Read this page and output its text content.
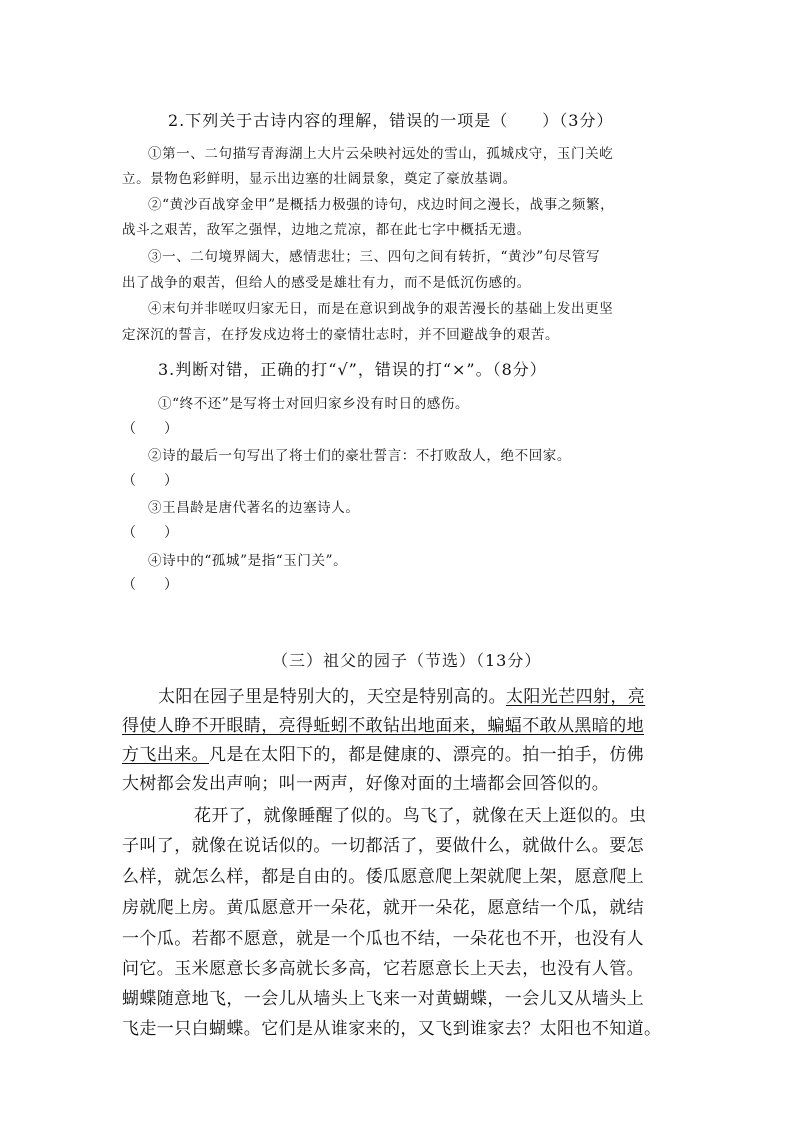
2.下列关于古诗内容的理解，错误的一项是（　　）（3分）
①第一、二句描写青海湖上大片云朵映衬远处的雪山，孤城戍守，玉门关屹
立。景物色彩鲜明，显示出边塞的壮阔景象，奠定了豪放基调。
②“黄沙百战穿金甲”是概括力极强的诗句，戍边时间之漫长，战事之频繁，
战斗之艰苦，敌军之强悍，边地之荒凉，都在此七字中概括无遗。
③一、二句境界阔大，感情悲壮；三、四句之间有转折，“黄沙”句尽管写
出了战争的艰苦，但给人的感受是雄壮有力，而不是低沉伤感的。
④末句并非嗟叹归家无日，而是在意识到战争的艰苦漫长的基础上发出更坚
定深沉的誓言，在抒发戍边将士的豪情壮志时，并不回避战争的艰苦。
3.判断对错，正确的打“√”，错误的打“×”。（8分）
①“终不还”是写将士对回归家乡没有时日的感伤。
（　　）
②诗的最后一句写出了将士们的豪壮誓言：不打败敌人，绝不回家。
（　　）
③王昌龄是唐代著名的边塞诗人。
（　　）
④诗中的“孤城”是指“玉门关”。
（　　）
（三）祖父的园子（节选）（13分）
太阳在园子里是特别大的，天空是特别高的。太阳光芒四射，亮
得使人睁不开眼睛，亮得蚯蚓不敢钻出地面来，蝙蝠不敢从黑暗的地
方飞出来。凡是在太阳下的，都是健康的、漂亮的。拍一拍手，仿佛
大树都会发出声响；叫一两声，好像对面的土墙都会回答似的。
花开了，就像睡醒了似的。鸟飞了，就像在天上逛似的。虫
子叫了，就像在说话似的。一切都活了，要做什么，就做什么。要怎
么样，就怎么样，都是自由的。倭瓜愿意爬上架就爬上架，愿意爬上
房就爬上房。黄瓜愿意开一朵花，就开一朵花，愿意结一个瓜，就结
一个瓜。若都不愿意，就是一个瓜也不结，一朵花也不开，也没有人
问它。玉米愿意长多高就长多高，它若愿意长上天去，也没有人管。
蝴蝶随意地飞，一会儿从墙头上飞来一对黄蝴蝶，一会儿又从墙头上
飞走一只白蝴蝶。它们是从谁家来的，又飞到谁家去？太阳也不知道。
